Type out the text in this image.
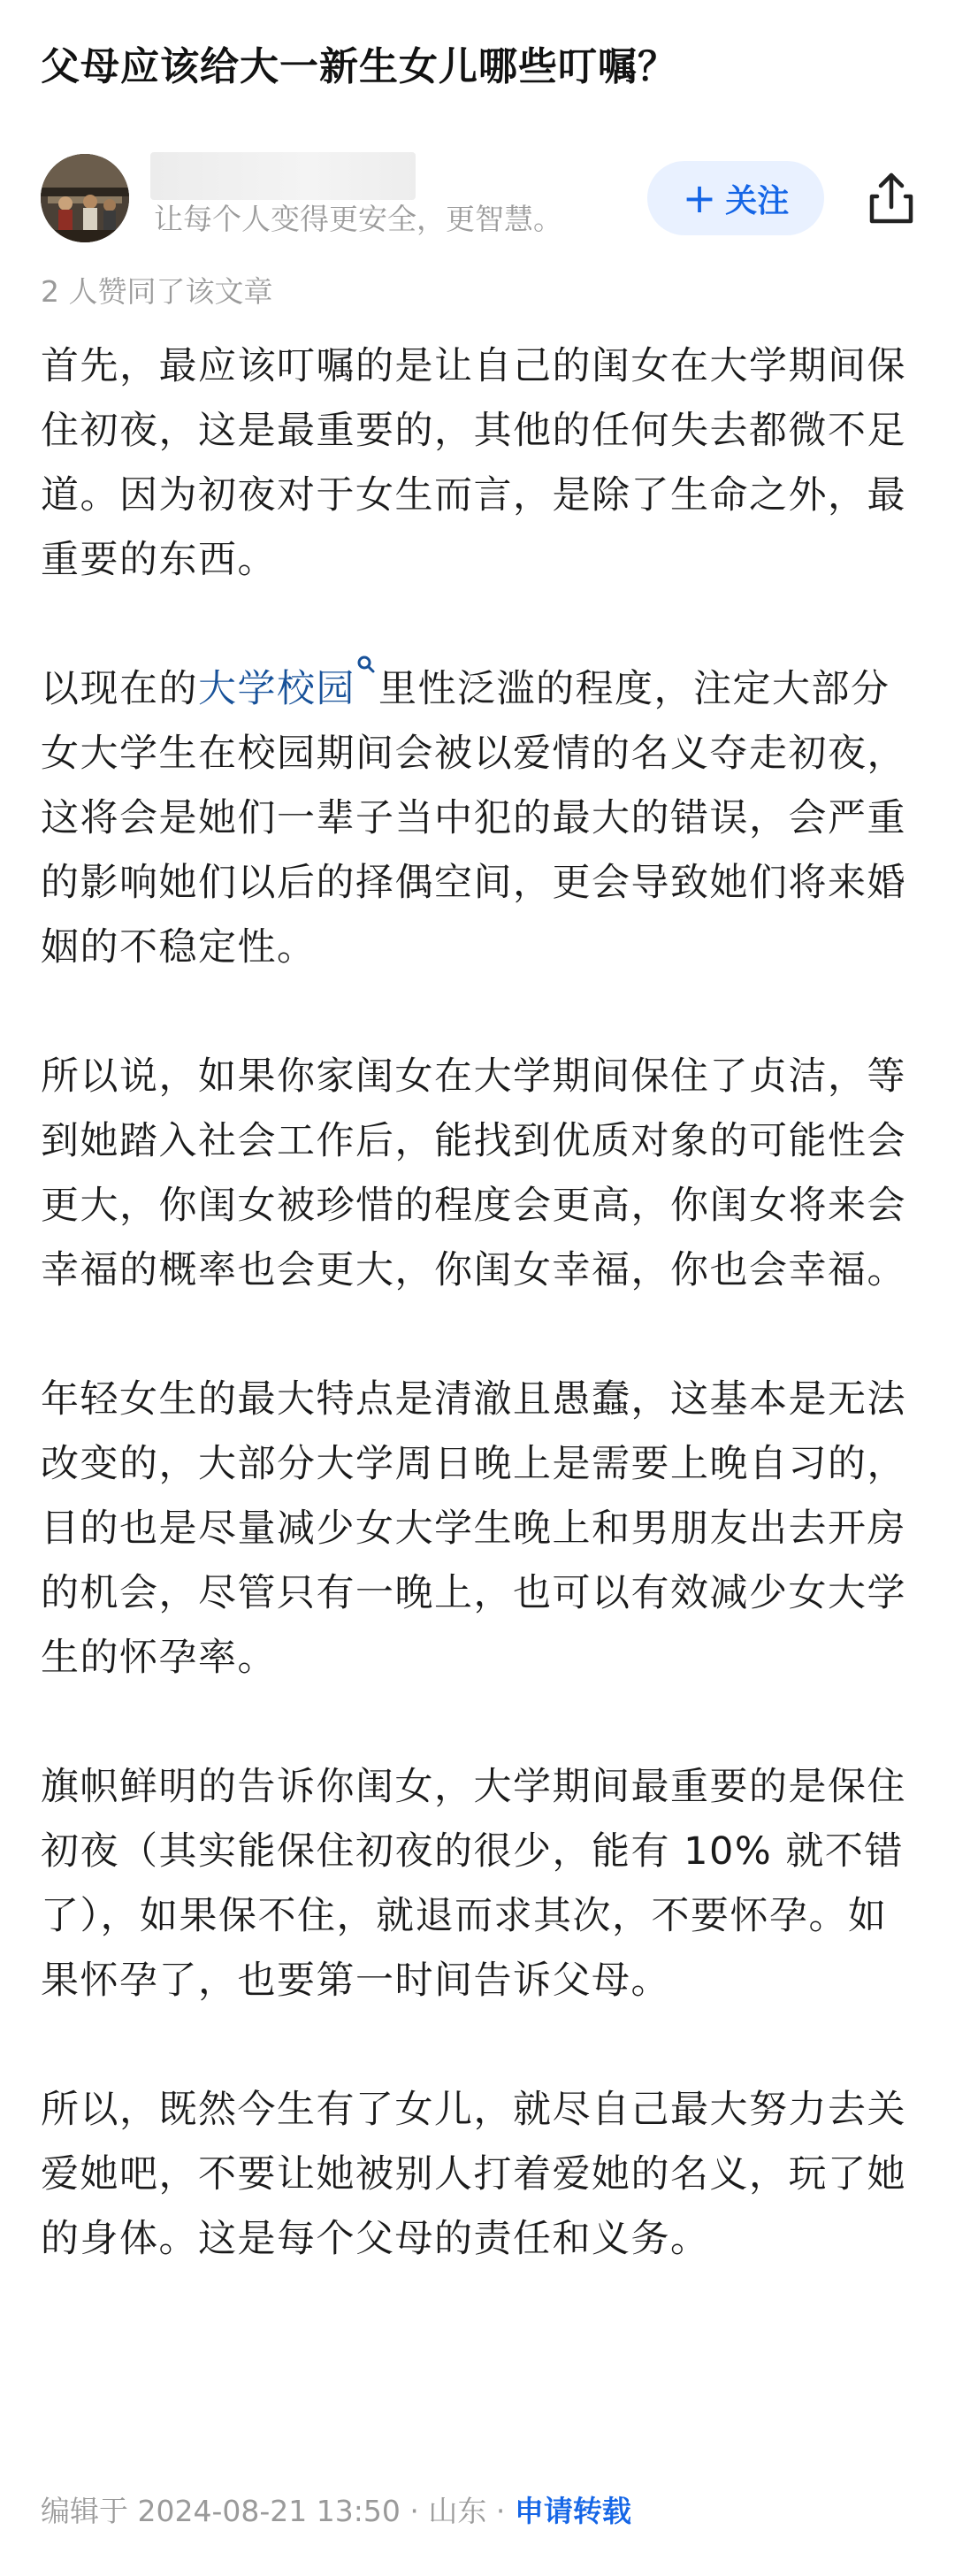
父母应该给大一新生女儿哪些叮嘱？
让每个人变得更安全，更智慧。	+ 关注
2 人赞同了该文章

首先，最应该叮嘱的是让自己的闺女在大学期间保住初夜，这是最重要的，其他的任何失去都微不足道。因为初夜对于女生而言，是除了生命之外，最重要的东西。

以现在的大学校园 里性泛滥的程度，注定大部分女大学生在校园期间会被以爱情的名义夺走初夜，这将会是她们一辈子当中犯的最大的错误，会严重的影响她们以后的择偶空间，更会导致她们将来婚姻的不稳定性。

所以说，如果你家闺女在大学期间保住了贞洁，等到她踏入社会工作后，能找到优质对象的可能性会更大，你闺女被珍惜的程度会更高，你闺女将来会幸福的概率也会更大，你闺女幸福，你也会幸福。

年轻女生的最大特点是清澈且愚蠢，这基本是无法改变的，大部分大学周日晚上是需要上晚自习的，目的也是尽量减少女大学生晚上和男朋友出去开房的机会，尽管只有一晚上，也可以有效减少女大学生的怀孕率。

旗帜鲜明的告诉你闺女，大学期间最重要的是保住初夜（其实能保住初夜的很少，能有 10% 就不错了），如果保不住，就退而求其次，不要怀孕。如果怀孕了，也要第一时间告诉父母。

所以，既然今生有了女儿，就尽自己最大努力去关爱她吧，不要让她被别人打着爱她的名义，玩了她的身体。这是每个父母的责任和义务。

编辑于 2024-08-21 13:50 · 山东 · 申请转载
